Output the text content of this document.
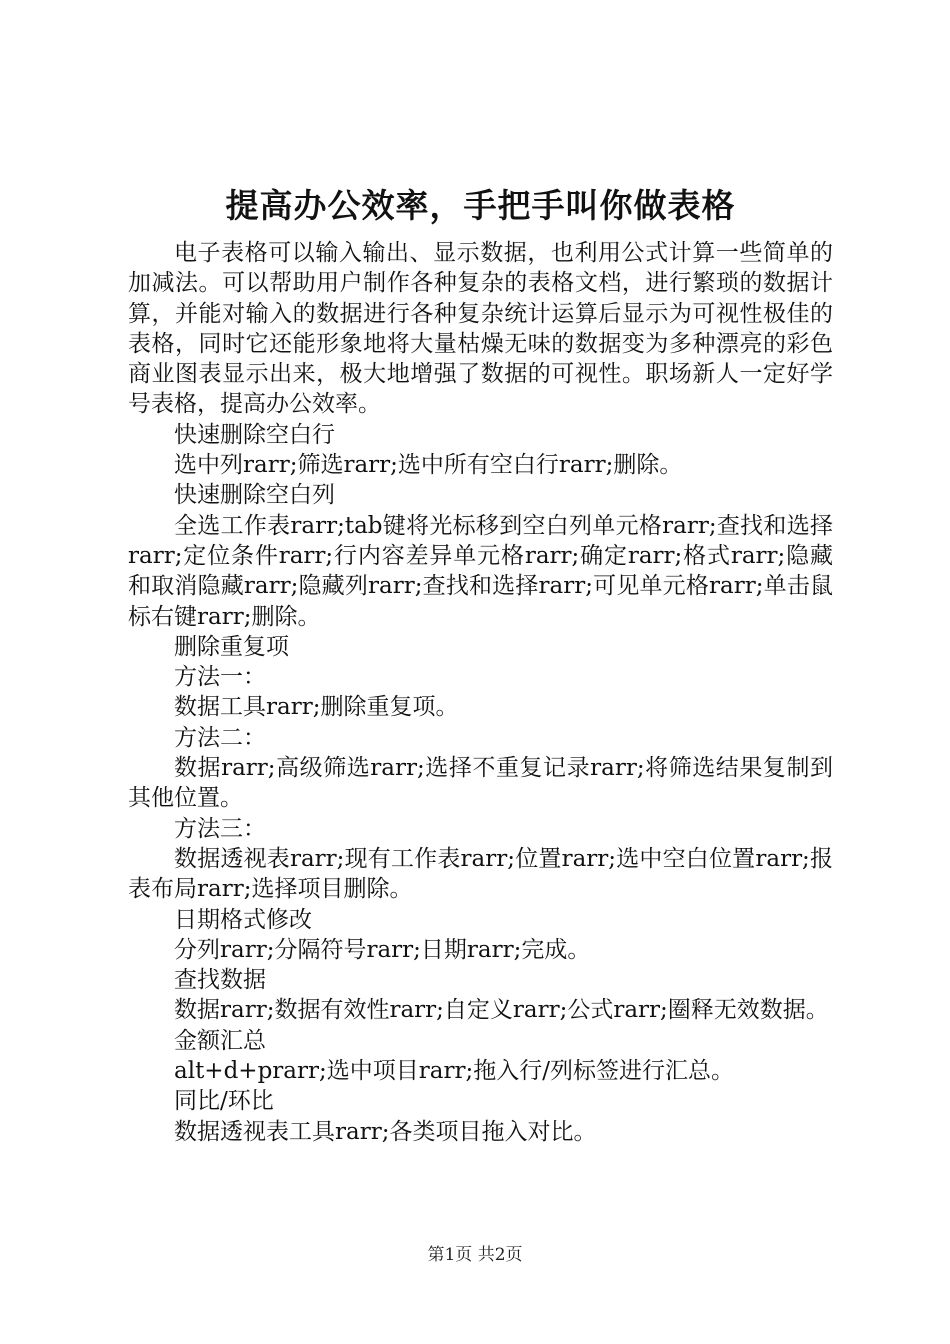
提高办公效率，手把手叫你做表格

电子表格可以输入输出、显示数据，也利用公式计算一些简单的加减法。可以帮助用户制作各种复杂的表格文档，进行繁琐的数据计算，并能对输入的数据进行各种复杂统计运算后显示为可视性极佳的表格，同时它还能形象地将大量枯燥无味的数据变为多种漂亮的彩色商业图表显示出来，极大地增强了数据的可视性。职场新人一定好学号表格，提高办公效率。

快速删除空白行

选中列rarr;筛选rarr;选中所有空白行rarr;删除。

快速删除空白列

全选工作表rarr;tab键将光标移到空白列单元格rarr;查找和选择rarr;定位条件rarr;行内容差异单元格rarr;确定rarr;格式rarr;隐藏和取消隐藏rarr;隐藏列rarr;查找和选择rarr;可见单元格rarr;单击鼠标右键rarr;删除。

删除重复项

方法一：

数据工具rarr;删除重复项。

方法二：

数据rarr;高级筛选rarr;选择不重复记录rarr;将筛选结果复制到其他位置。

方法三：

数据透视表rarr;现有工作表rarr;位置rarr;选中空白位置rarr;报表布局rarr;选择项目删除。

日期格式修改

分列rarr;分隔符号rarr;日期rarr;完成。

查找数据

数据rarr;数据有效性rarr;自定义rarr;公式rarr;圈释无效数据。

金额汇总

alt+d+prarr;选中项目rarr;拖入行/列标签进行汇总。

同比/环比

数据透视表工具rarr;各类项目拖入对比。

第1页 共2页
